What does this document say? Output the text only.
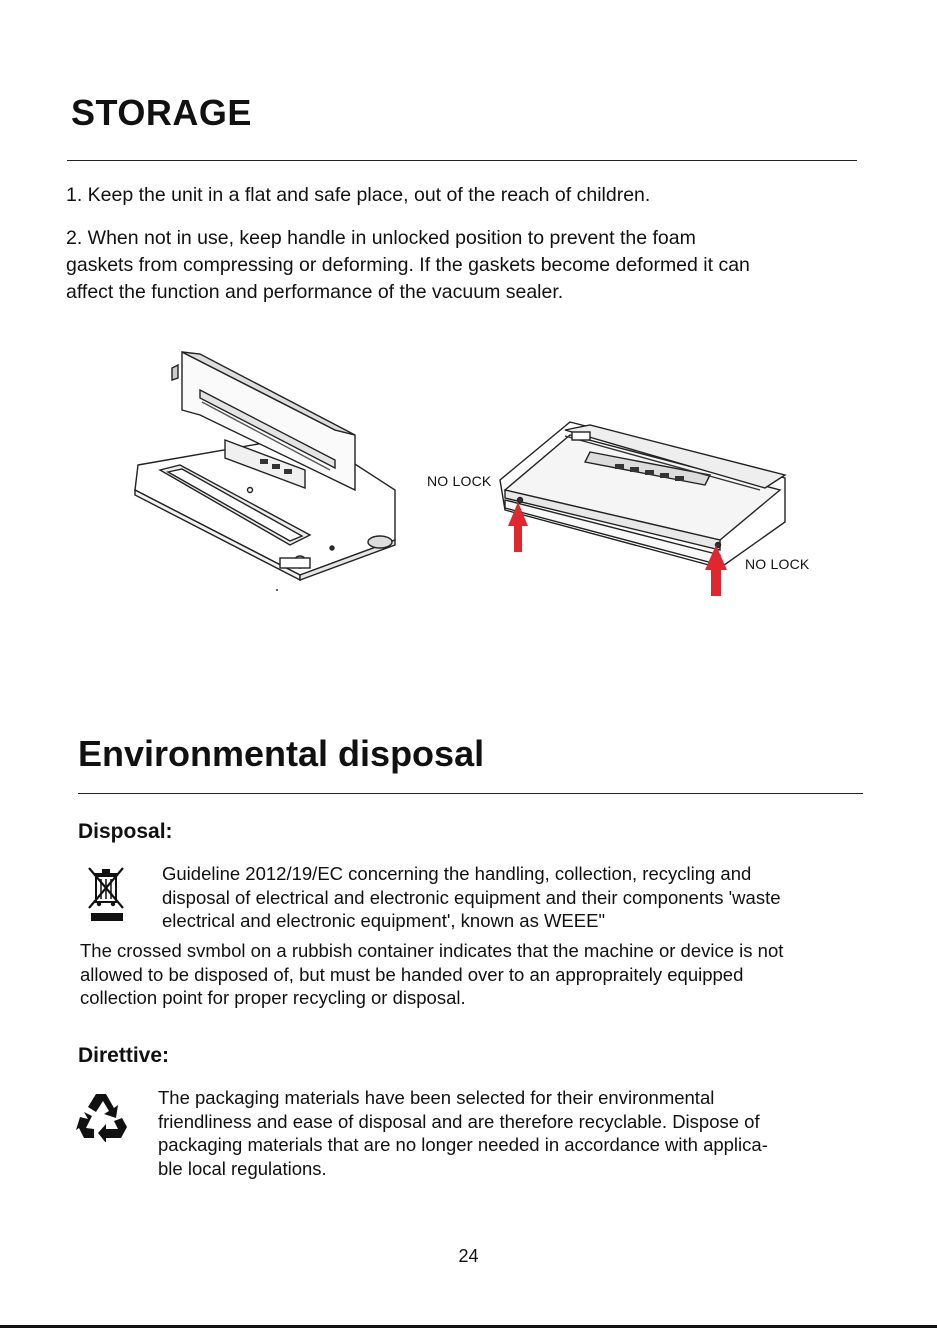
STORAGE

1. Keep the unit in a flat and safe place, out of the reach of children.

2. When not in use, keep handle in unlocked position to prevent the foam
gaskets from compressing or deforming. If the gaskets become deformed it can
affect the function and performance of the vacuum sealer.

NO LOCK
NO LOCK
Environmental disposal
Disposal:

Guideline 2012/19/EC concerning the handling, collection, recycling and
disposal of electrical and electronic equipment and their components 'waste
electrical and electronic equipment', known as WEEE"

The crossed svmbol on a rubbish container indicates that the machine or device is not
allowed to be disposed of, but must be handed over to an appropraitely equipped
collection point for proper recycling or disposal.

Direttive:

The packaging materials have been selected for their environmental
friendliness and ease of disposal and are therefore recyclable. Dispose of
packaging materials that are no longer needed in accordance with applica-
ble local regulations.

24
